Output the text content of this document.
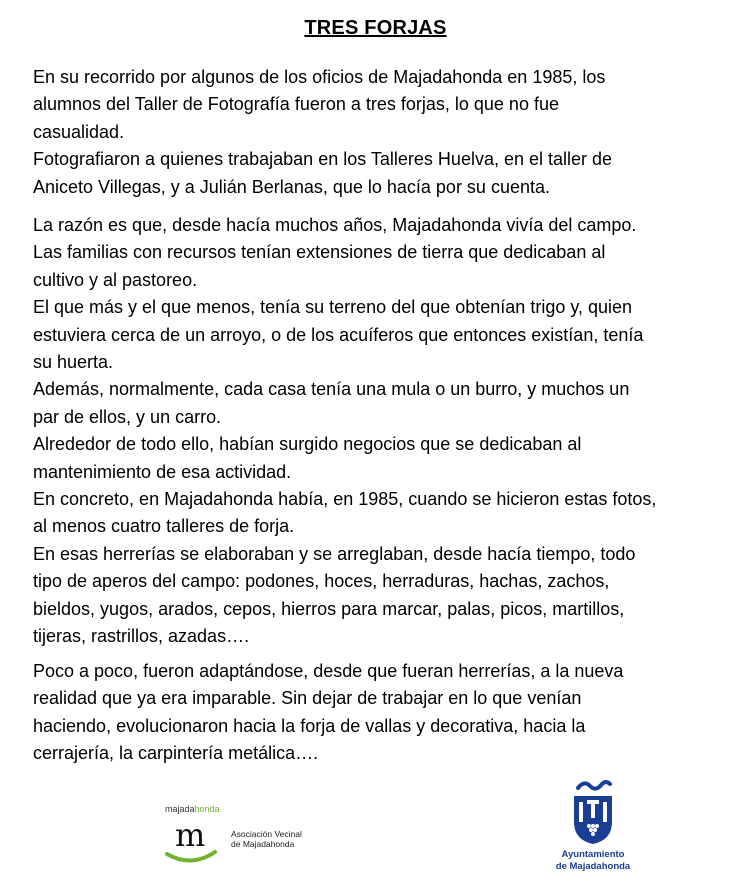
TRES FORJAS
En su recorrido por algunos de los oficios de Majadahonda en 1985, los
alumnos del Taller de Fotografía fueron a tres forjas, lo que no fue
casualidad.
Fotografiaron a quienes trabajaban en los Talleres Huelva, en el taller de
Aniceto Villegas, y a Julián Berlanas, que lo hacía por su cuenta.
La razón es que, desde hacía muchos años, Majadahonda vivía del campo.
Las familias con recursos tenían extensiones de tierra que dedicaban al
cultivo y al pastoreo.
El que más y el que menos, tenía su terreno del que obtenían trigo y, quien
estuviera cerca de un arroyo, o de los acuíferos que entonces existían, tenía
su huerta.
Además, normalmente, cada casa tenía una mula o un burro, y muchos un
par de ellos, y un carro.
Alrededor de todo ello, habían surgido negocios que se dedicaban al
mantenimiento de esa actividad.
En concreto, en Majadahonda había, en 1985, cuando se hicieron estas fotos,
al menos cuatro talleres de forja.
En esas herrerías se elaboraban y se arreglaban, desde hacía tiempo, todo
tipo de aperos del campo: podones, hoces, herraduras, hachas, zachos,
bieldos, yugos, arados, cepos, hierros para marcar, palas, picos, martillos,
tijeras, rastrillos, azadas….
Poco a poco, fueron adaptándose, desde que fueran herrerías, a la nueva
realidad que ya era imparable. Sin dejar de trabajar en lo que venían
haciendo, evolucionaron hacia la forja de vallas y decorativa, hacia la
cerrajería, la carpintería metálica….
majadahonda
m	Asociación Vecinal
de Majadahonda
Ayuntamiento
de Majadahonda
